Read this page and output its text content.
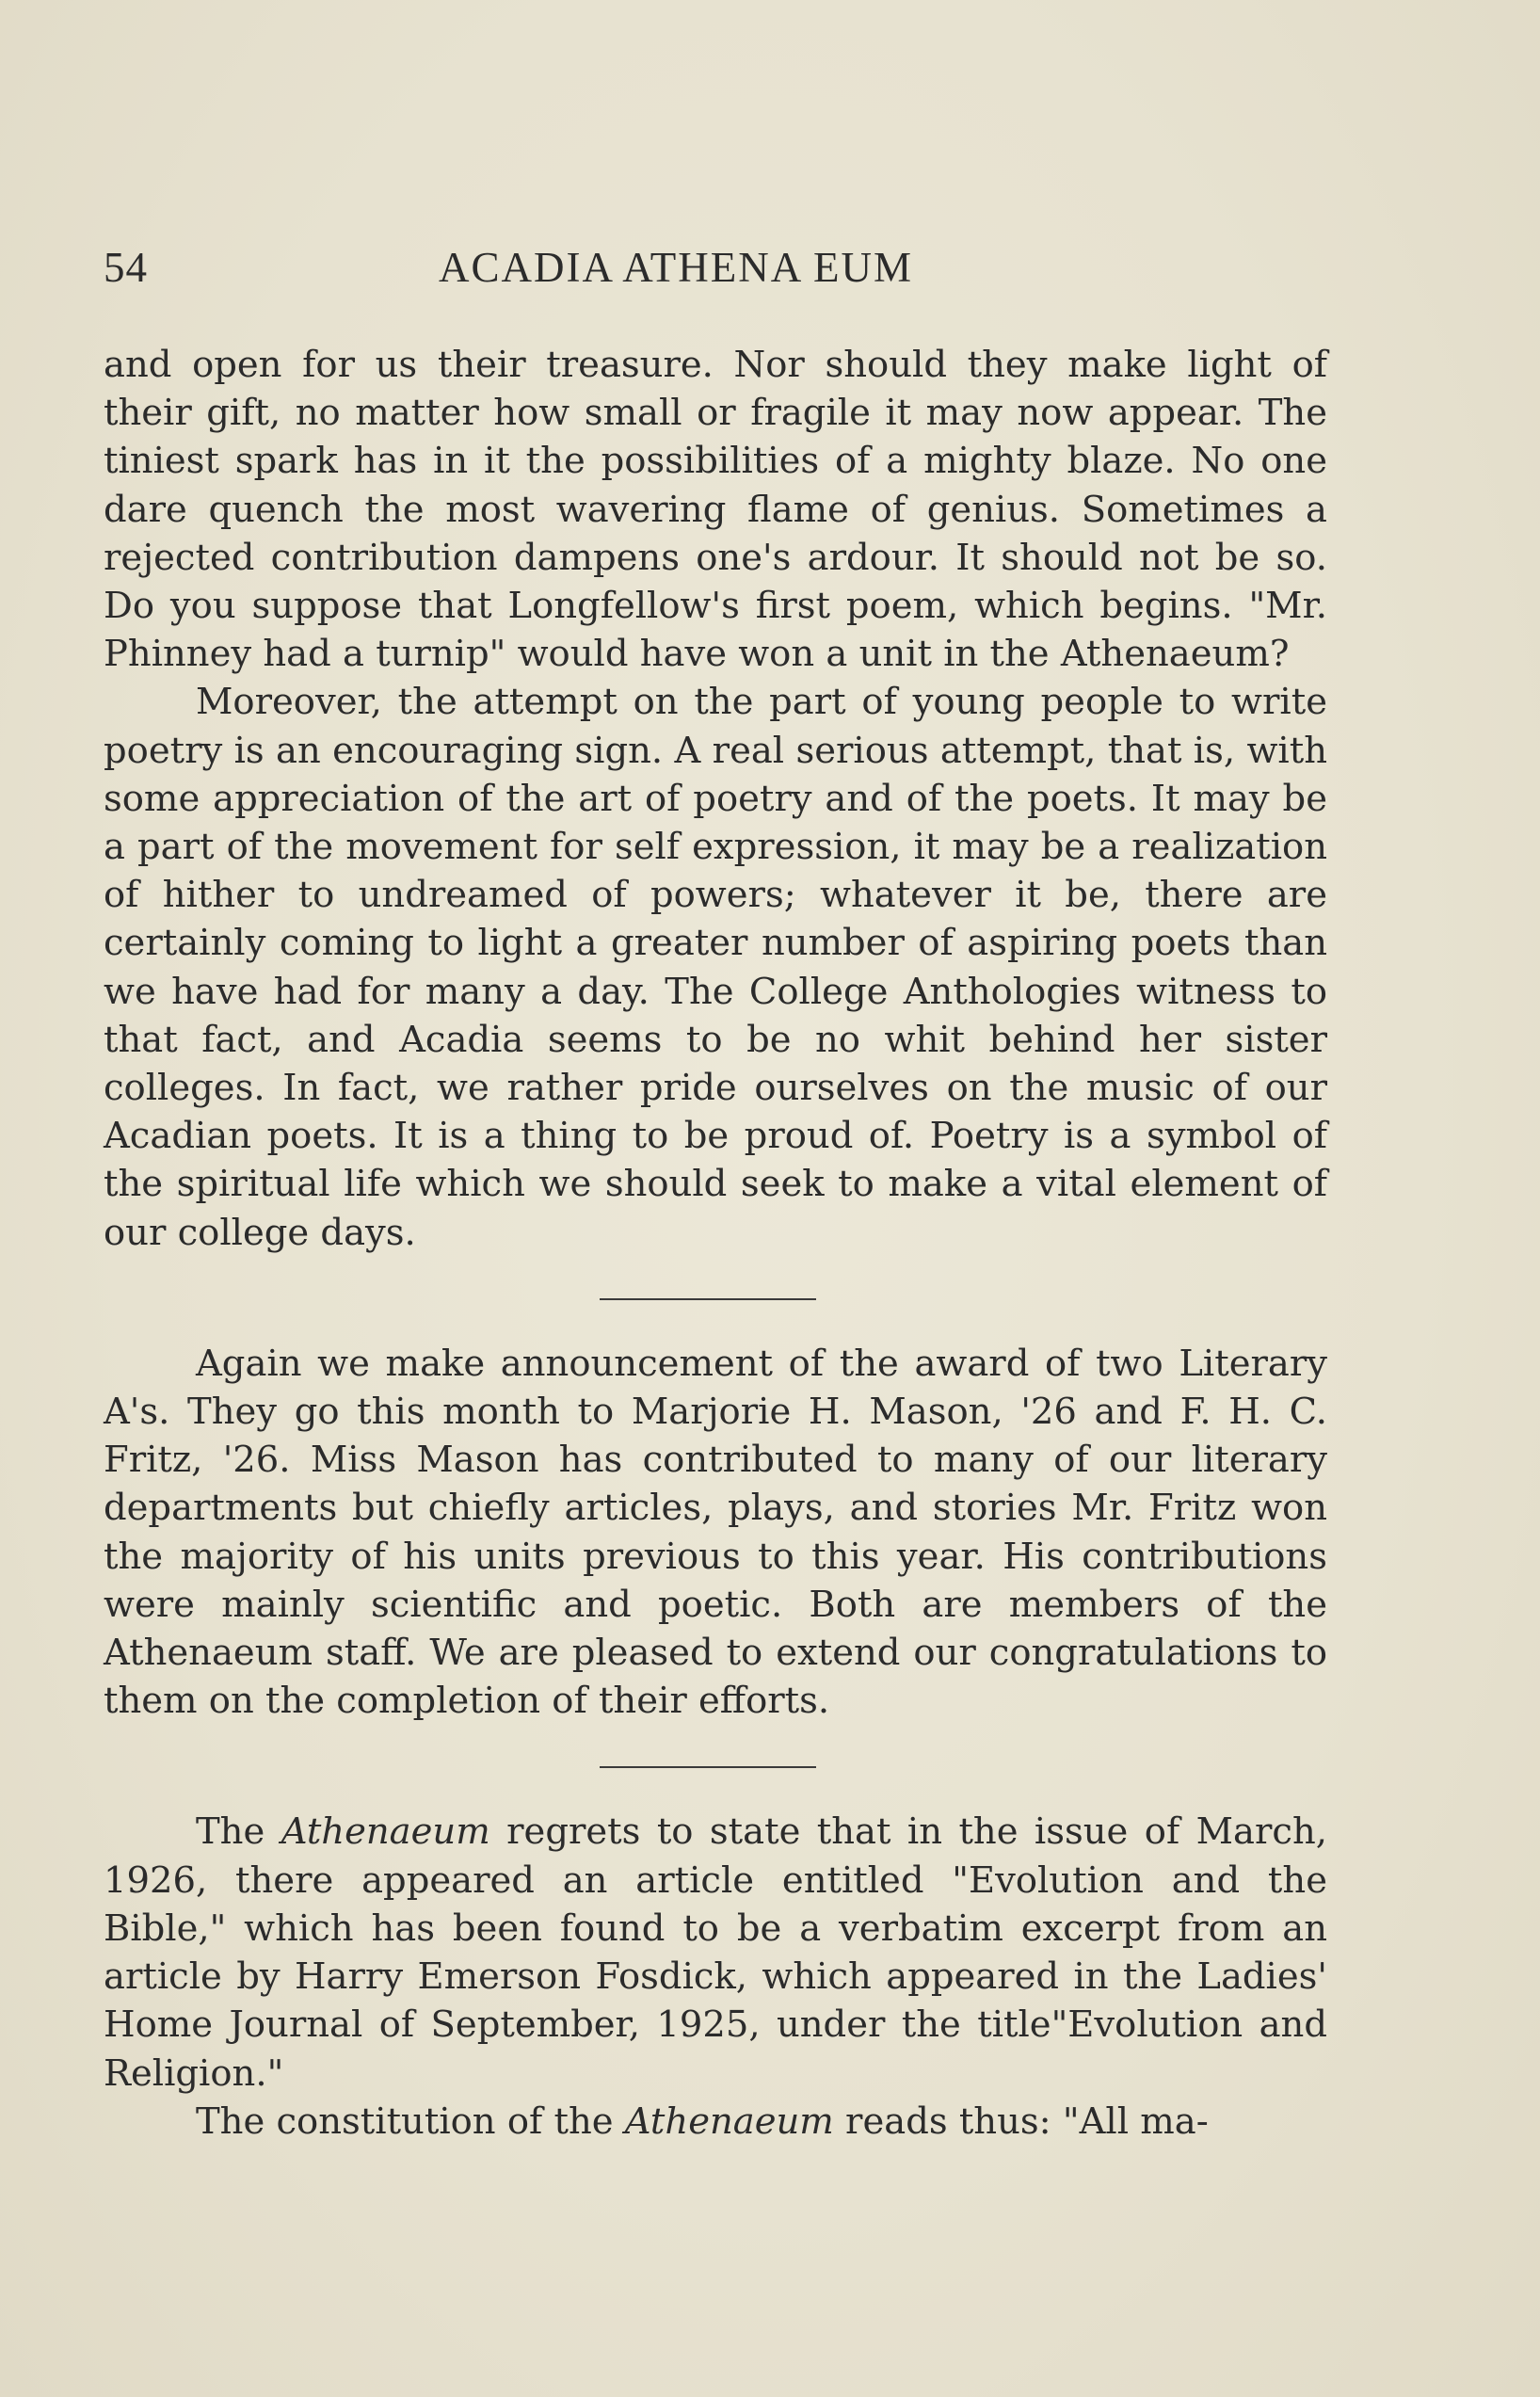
54	ACADIA ATHENA EUM

and open for us their treasure. Nor should they make light of their gift, no matter how small or fragile it may now appear. The tiniest spark has in it the possibilities of a mighty blaze. No one dare quench the most wavering flame of genius. Sometimes a rejected contribution dampens one's ardour. It should not be so. Do you suppose that Longfellow's first poem, which begins. "Mr. Phinney had a turnip" would have won a unit in the Athenaeum?

Moreover, the attempt on the part of young people to write poetry is an encouraging sign. A real serious attempt, that is, with some appreciation of the art of poetry and of the poets. It may be a part of the movement for self expression, it may be a realization of hither to undreamed of powers; whatever it be, there are certainly coming to light a greater number of aspiring poets than we have had for many a day. The College Anthologies witness to that fact, and Acadia seems to be no whit behind her sister colleges. In fact, we rather pride ourselves on the music of our Acadian poets. It is a thing to be proud of. Poetry is a symbol of the spiritual life which we should seek to make a vital element of our college days.

Again we make announcement of the award of two Literary A's. They go this month to Marjorie H. Mason, '26 and F. H. C. Fritz, '26. Miss Mason has contributed to many of our literary departments but chiefly articles, plays, and stories Mr. Fritz won the majority of his units previous to this year. His contributions were mainly scientific and poetic. Both are members of the Athenaeum staff. We are pleased to extend our congratulations to them on the completion of their efforts.

The Athenaeum regrets to state that in the issue of March, 1926, there appeared an article entitled "Evolution and the Bible," which has been found to be a verbatim excerpt from an article by Harry Emerson Fosdick, which appeared in the Ladies' Home Journal of September, 1925, under the title"Evolution and Religion."

The constitution of the Athenaeum reads thus: "All ma-
